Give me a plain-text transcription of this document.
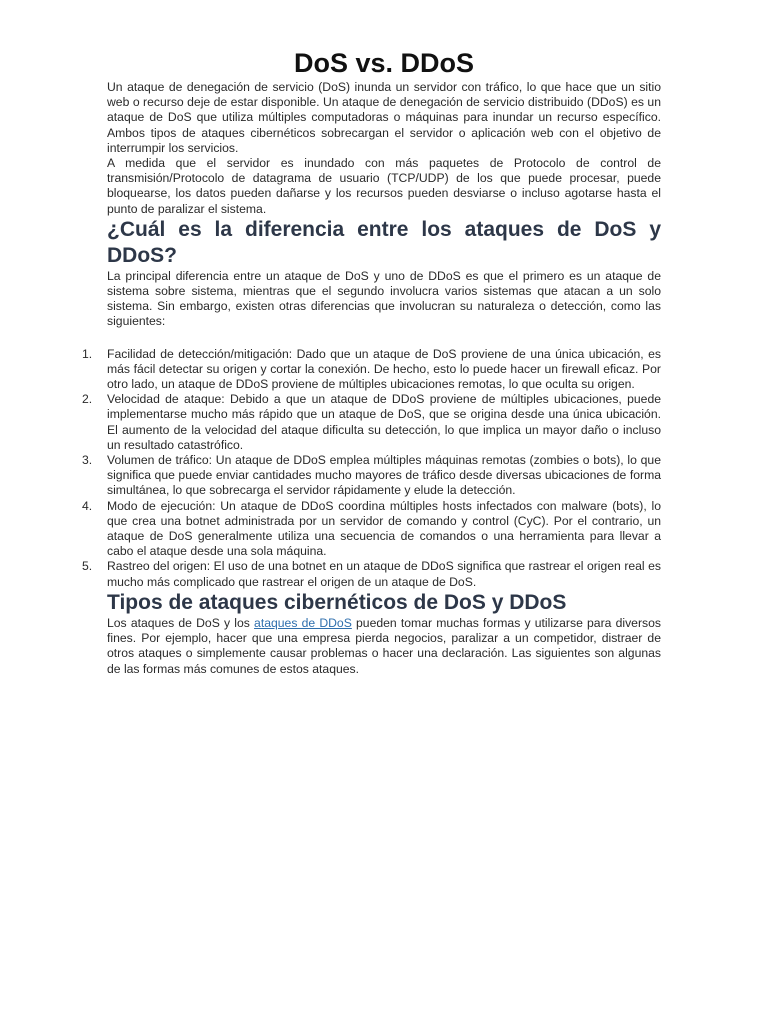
DoS vs. DDoS

Un ataque de denegación de servicio (DoS) inunda un servidor con tráfico, lo que hace que un sitio web o recurso deje de estar disponible. Un ataque de denegación de servicio distribuido (DDoS) es un ataque de DoS que utiliza múltiples computadoras o máquinas para inundar un recurso específico. Ambos tipos de ataques cibernéticos sobrecargan el servidor o aplicación web con el objetivo de interrumpir los servicios.

A medida que el servidor es inundado con más paquetes de Protocolo de control de transmisión/Protocolo de datagrama de usuario (TCP/UDP) de los que puede procesar, puede bloquearse, los datos pueden dañarse y los recursos pueden desviarse o incluso agotarse hasta el punto de paralizar el sistema.

¿Cuál es la diferencia entre los ataques de DoS y DDoS?

La principal diferencia entre un ataque de DoS y uno de DDoS es que el primero es un ataque de sistema sobre sistema, mientras que el segundo involucra varios sistemas que atacan a un solo sistema. Sin embargo, existen otras diferencias que involucran su naturaleza o detección, como las siguientes:

1. Facilidad de detección/mitigación: Dado que un ataque de DoS proviene de una única ubicación, es más fácil detectar su origen y cortar la conexión. De hecho, esto lo puede hacer un firewall eficaz. Por otro lado, un ataque de DDoS proviene de múltiples ubicaciones remotas, lo que oculta su origen.
2. Velocidad de ataque: Debido a que un ataque de DDoS proviene de múltiples ubicaciones, puede implementarse mucho más rápido que un ataque de DoS, que se origina desde una única ubicación. El aumento de la velocidad del ataque dificulta su detección, lo que implica un mayor daño o incluso un resultado catastrófico.
3. Volumen de tráfico: Un ataque de DDoS emplea múltiples máquinas remotas (zombies o bots), lo que significa que puede enviar cantidades mucho mayores de tráfico desde diversas ubicaciones de forma simultánea, lo que sobrecarga el servidor rápidamente y elude la detección.
4. Modo de ejecución: Un ataque de DDoS coordina múltiples hosts infectados con malware (bots), lo que crea una botnet administrada por un servidor de comando y control (CyC). Por el contrario, un ataque de DoS generalmente utiliza una secuencia de comandos o una herramienta para llevar a cabo el ataque desde una sola máquina.
5. Rastreo del origen: El uso de una botnet en un ataque de DDoS significa que rastrear el origen real es mucho más complicado que rastrear el origen de un ataque de DoS.
Tipos de ataques cibernéticos de DoS y DDoS

Los ataques de DoS y los ataques de DDoS pueden tomar muchas formas y utilizarse para diversos fines. Por ejemplo, hacer que una empresa pierda negocios, paralizar a un competidor, distraer de otros ataques o simplemente causar problemas o hacer una declaración. Las siguientes son algunas de las formas más comunes de estos ataques.
